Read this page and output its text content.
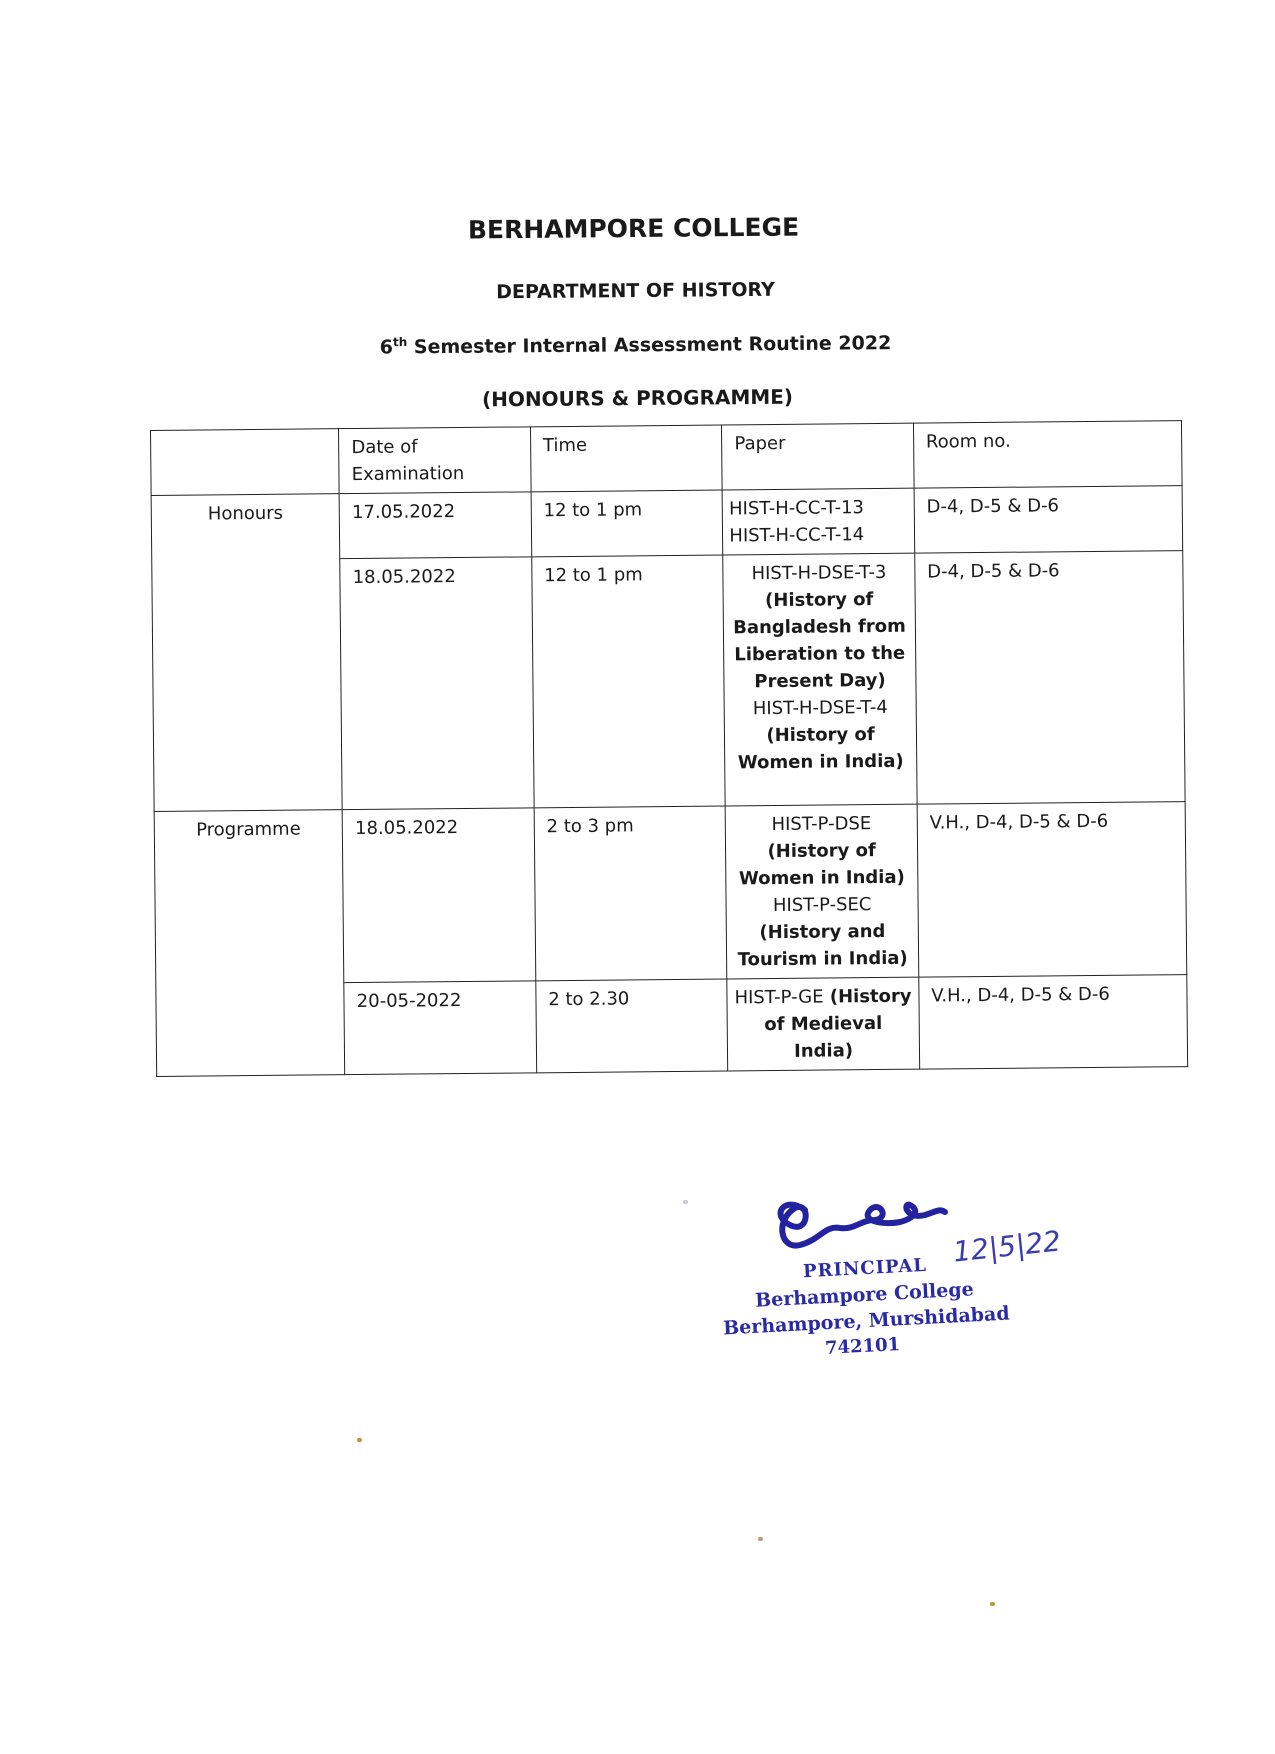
BERHAMPORE COLLEGE
DEPARTMENT OF HISTORY
6th Semester Internal Assessment Routine 2022
(HONOURS & PROGRAMME)
	Date of Examination	Time	Paper	Room no.
Honours	17.05.2022	12 to 1 pm	HIST-H-CC-T-13
HIST-H-CC-T-14	D-4, D-5 & D-6
	18.05.2022	12 to 1 pm	HIST-H-DSE-T-3
(History of Bangladesh from Liberation to the Present Day)
HIST-H-DSE-T-4
(History of Women in India)	D-4, D-5 & D-6
Programme	18.05.2022	2 to 3 pm	HIST-P-DSE
(History of Women in India)
HIST-P-SEC
(History and Tourism in India)	V.H., D-4, D-5 & D-6
	20-05-2022	2 to 2.30	HIST-P-GE (History of Medieval India)	V.H., D-4, D-5 & D-6
12|5|22
PRINCIPAL
Berhampore College
Berhampore, Murshidabad
742101
